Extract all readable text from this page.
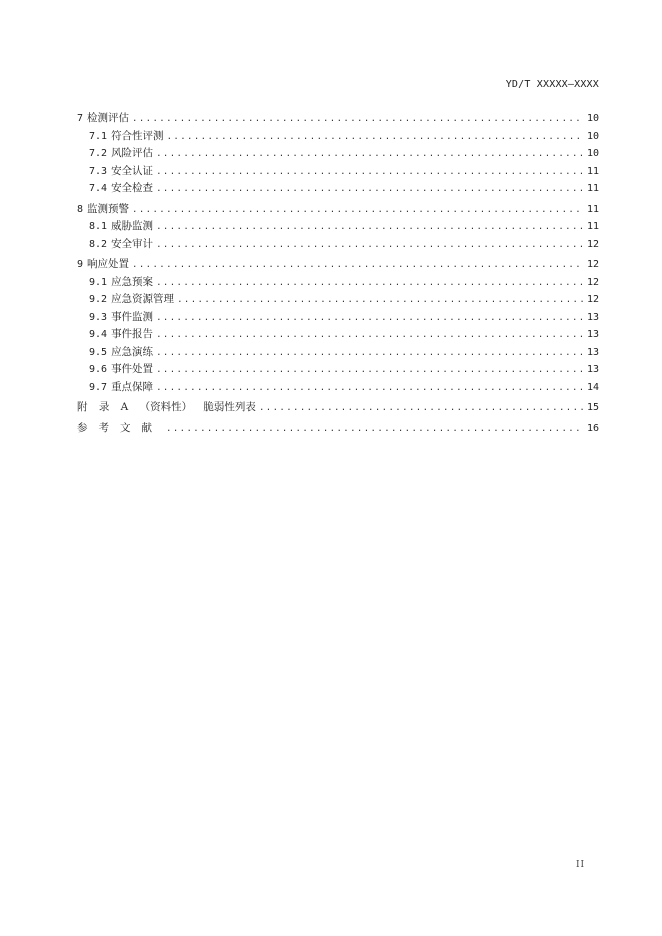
YD/T XXXXX—XXXX
7 检测评估 .....	10
7.1 符合性评测 .....	10
7.2 风险评估 .....	10
7.3 安全认证 .....	11
7.4 安全检查 .....	11
8 监测预警 .....	11
8.1 威胁监测 .....	11
8.2 安全审计 .....	12
9 响应处置 .....	12
9.1 应急预案 .....	12
9.2 应急资源管理 .....	12
9.3 事件监测 .....	13
9.4 事件报告 .....	13
9.5 应急演练 .....	13
9.6 事件处置 .....	13
9.7 重点保障 .....	14
附 录 A （资料性） 脆弱性列表 .....	15
参考文献 .....	16
II
